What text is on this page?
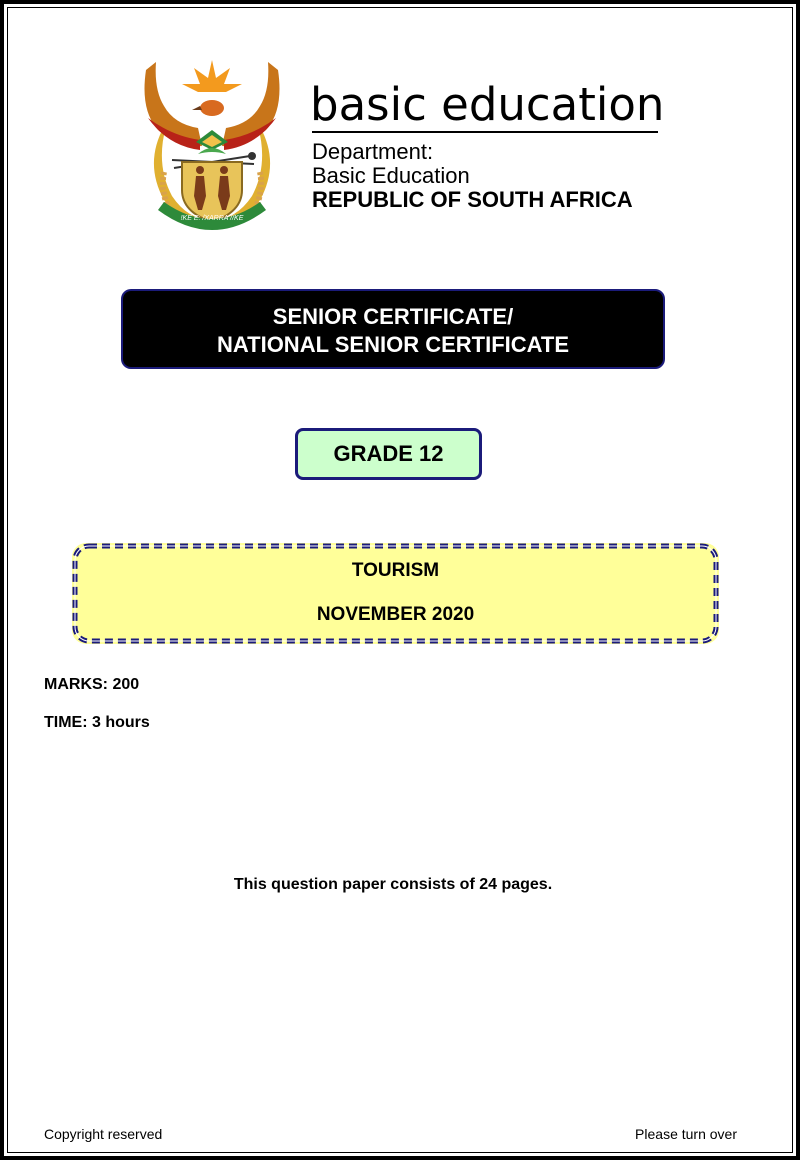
!KE E: /XARRA //KE
basic education
Department:
Basic Education
REPUBLIC OF SOUTH AFRICA
SENIOR CERTIFICATE/
NATIONAL SENIOR CERTIFICATE
GRADE 12
TOURISM
NOVEMBER 2020
MARKS: 200
TIME: 3 hours
This question paper consists of 24 pages.
Copyright reserved	Please turn over
